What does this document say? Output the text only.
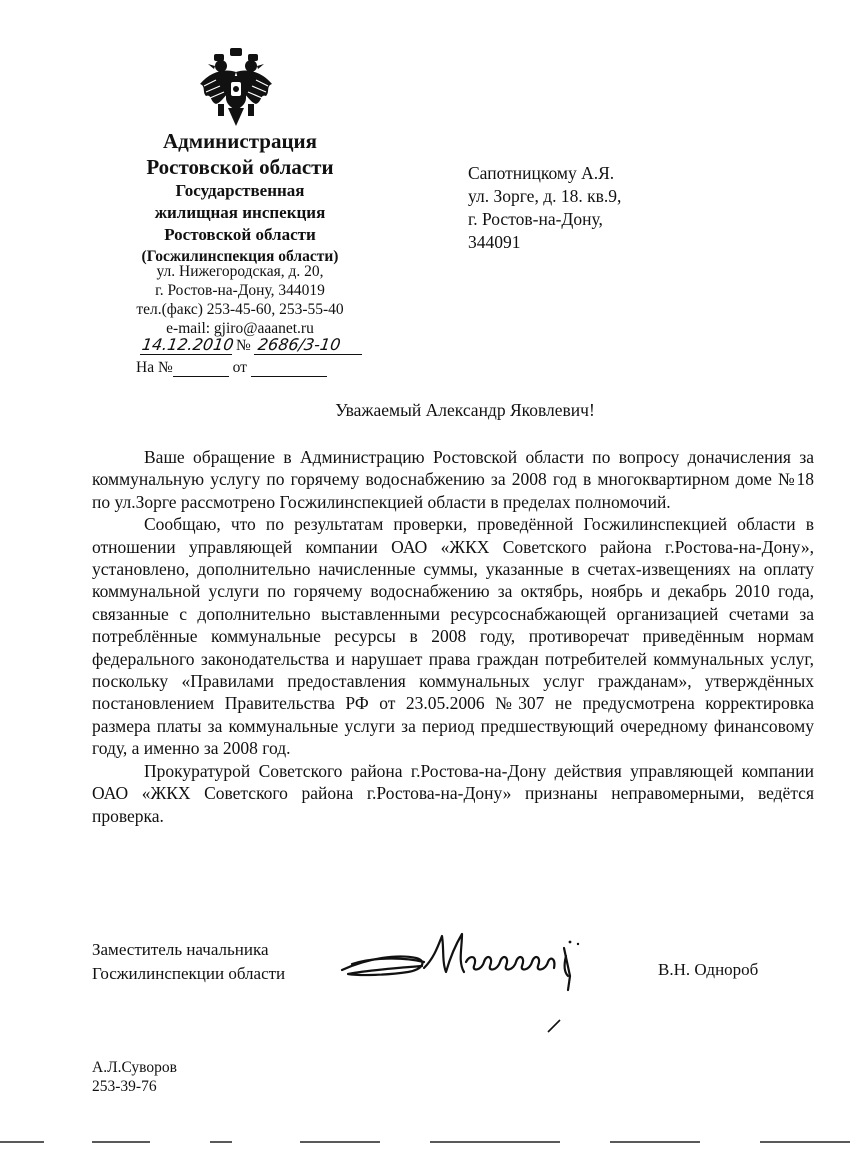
Администрация
Ростовской области
Государственная
жилищная инспекция
Ростовской области
(Госжилинспекция области)
ул. Нижегородская, д. 20,
г. Ростов-на-Дону, 344019
тел.(факс) 253-45-60, 253-55-40
e-mail: gjiro@aaanet.ru
14.12.2010 № 2686/3-10
На №	от
Сапотницкому А.Я.
ул. Зорге, д. 18. кв.9,
г. Ростов-на-Дону,
344091
Уважаемый Александр Яковлевич!

Ваше обращение в Администрацию Ростовской области по вопросу доначисления за коммунальную услугу по горячему водоснабжению за 2008 год в многоквартирном доме №18 по ул.Зорге рассмотрено Госжилинспекцией области в пределах полномочий.

Сообщаю, что по результатам проверки, проведённой Госжилинспекцией области в отношении управляющей компании ОАО «ЖКХ Советского района г.Ростова-на-Дону», установлено, дополнительно начисленные суммы, указанные в счетах-извещениях на оплату коммунальной услуги по горячему водоснабжению за октябрь, ноябрь и декабрь 2010 года, связанные с дополнительно выставленными ресурсоснабжающей организацией счетами за потреблённые коммунальные ресурсы в 2008 году, противоречат приведённым нормам федерального законодательства и нарушает права граждан потребителей коммунальных услуг, поскольку «Правилами предоставления коммунальных услуг гражданам», утверждённых постановлением Правительства РФ от 23.05.2006 №307 не предусмотрена корректировка размера платы за коммунальные услуги за период предшествующий очередному финансовому году, а именно за 2008 год.

Прокуратурой Советского района г.Ростова-на-Дону действия управляющей компании ОАО «ЖКХ Советского района г.Ростова-на-Дону» признаны неправомерными, ведётся проверка.

Заместитель начальника
Госжилинспекции области	В.Н. Однороб
А.Л.Суворов
253-39-76
